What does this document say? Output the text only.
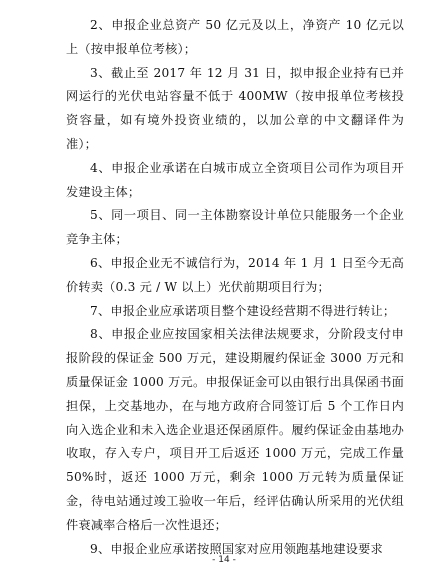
2、申报企业总资产 50 亿元及以上，净资产 10 亿元以上（按申报单位考核）；

3、截止至 2017 年 12 月 31 日，拟申报企业持有已并网运行的光伏电站容量不低于 400MW（按申报单位考核投资容量，如有境外投资业绩的，以加公章的中文翻译件为准）；

4、申报企业承诺在白城市成立全资项目公司作为项目开发建设主体；

5、同一项目、同一主体勘察设计单位只能服务一个企业竞争主体；

6、申报企业无不诚信行为，2014 年 1 月 1 日至今无高价转卖（0.3 元 / W 以上）光伏前期项目行为；

7、申报企业应承诺项目整个建设经营期不得进行转让；

8、申报企业应按国家相关法律法规要求，分阶段支付申报阶段的保证金 500 万元，建设期履约保证金 3000 万元和质量保证金 1000 万元。申报保证金可以由银行出具保函书面担保，上交基地办，在与地方政府合同签订后 5 个工作日内向入选企业和未入选企业退还保函原件。履约保证金由基地办收取，存入专户，项目开工后返还 1000 万元，完成工作量 50%时，返还 1000 万元，剩余 1000 万元转为质量保证金，待电站通过竣工验收一年后，经评估确认所采用的光伏组件衰减率合格后一次性退还；

9、申报企业应承诺按照国家对应用领跑基地建设要求

- 14 -
